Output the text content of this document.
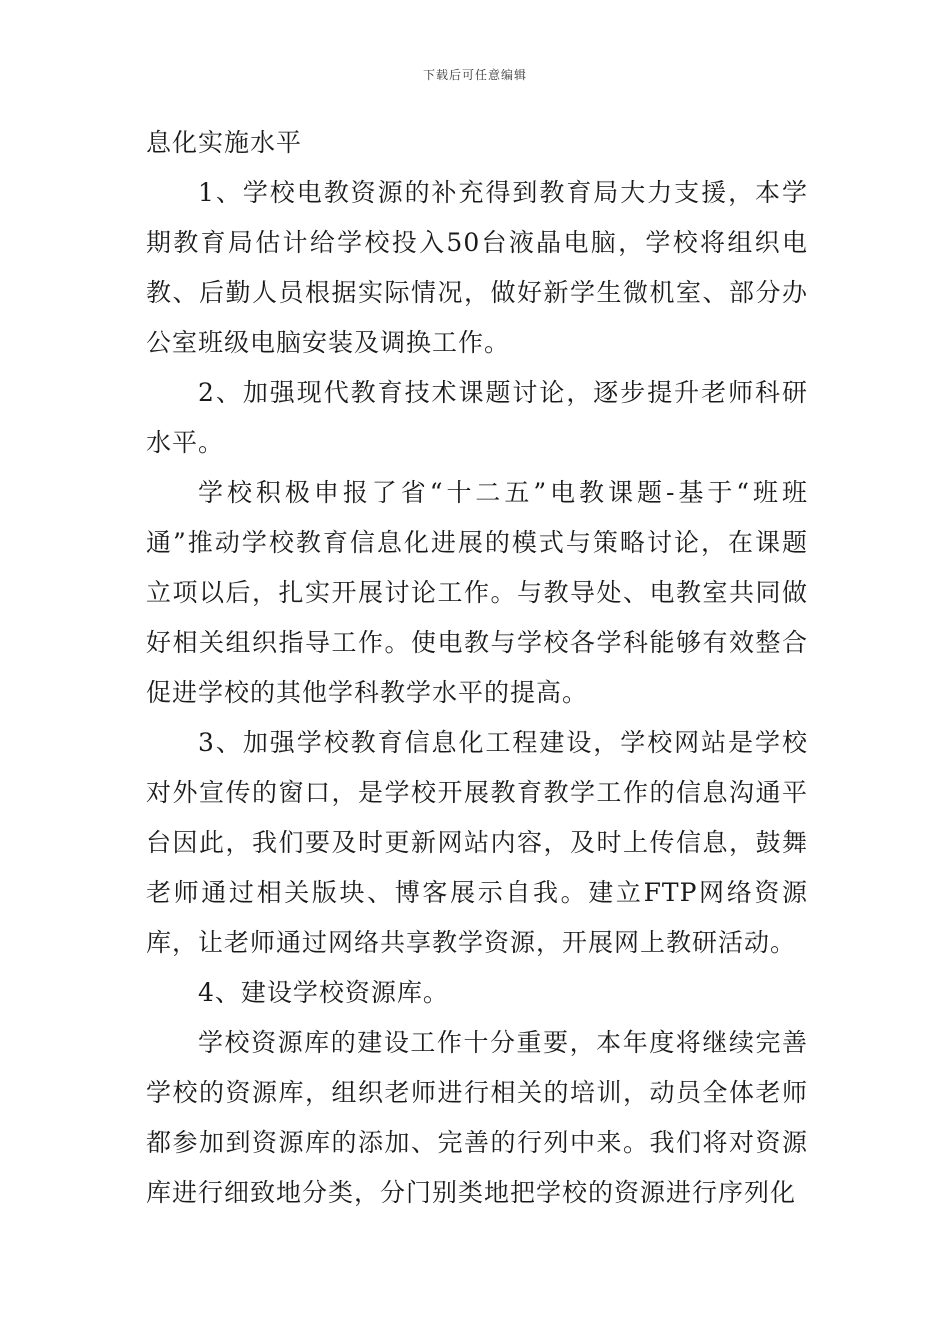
下载后可任意编辑

息化实施水平

1、学校电教资源的补充得到教育局大力支援，本学期教育局估计给学校投入50台液晶电脑，学校将组织电教、后勤人员根据实际情况，做好新学生微机室、部分办公室班级电脑安装及调换工作。

2、加强现代教育技术课题讨论，逐步提升老师科研水平。

学校积极申报了省“十二五”电教课题-基于“班班通”推动学校教育信息化进展的模式与策略讨论，在课题立项以后，扎实开展讨论工作。与教导处、电教室共同做好相关组织指导工作。使电教与学校各学科能够有效整合促进学校的其他学科教学水平的提高。

3、加强学校教育信息化工程建设，学校网站是学校对外宣传的窗口，是学校开展教育教学工作的信息沟通平台因此，我们要及时更新网站内容，及时上传信息，鼓舞老师通过相关版块、博客展示自我。建立FTP网络资源库，让老师通过网络共享教学资源，开展网上教研活动。

4、建设学校资源库。

学校资源库的建设工作十分重要，本年度将继续完善学校的资源库，组织老师进行相关的培训，动员全体老师都参加到资源库的添加、完善的行列中来。我们将对资源库进行细致地分类，分门别类地把学校的资源进行序列化
